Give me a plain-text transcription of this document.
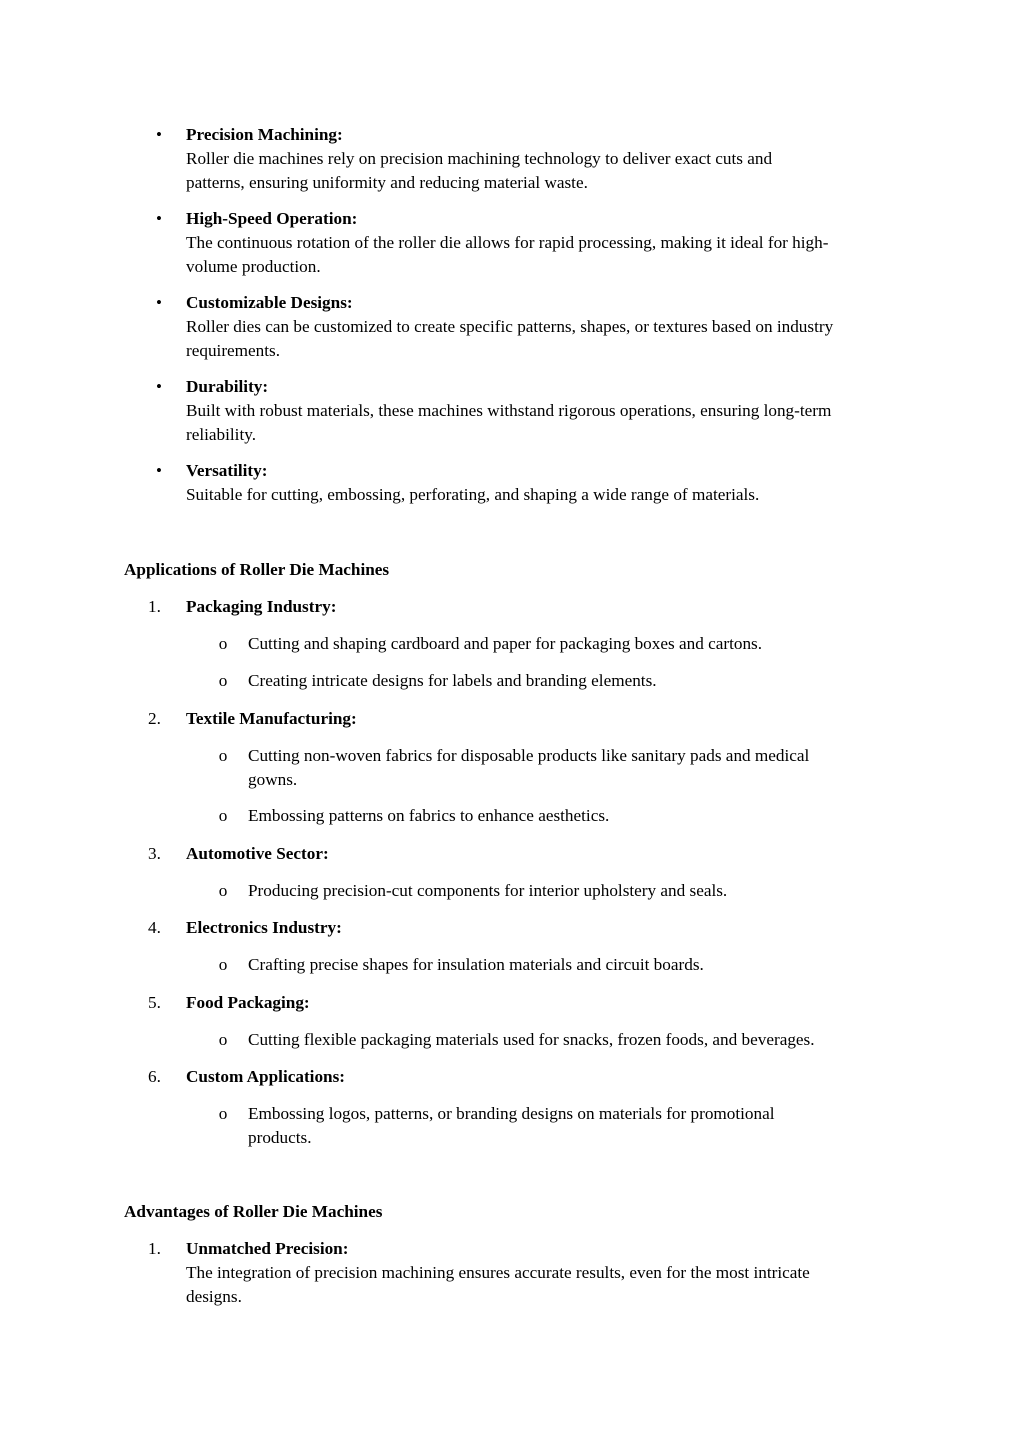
• Precision Machining:
Roller die machines rely on precision machining technology to deliver exact cuts and
patterns, ensuring uniformity and reducing material waste.
• High-Speed Operation:
The continuous rotation of the roller die allows for rapid processing, making it ideal for high-
volume production.
• Customizable Designs:
Roller dies can be customized to create specific patterns, shapes, or textures based on industry
requirements.
• Durability:
Built with robust materials, these machines withstand rigorous operations, ensuring long-term
reliability.
• Versatility:
Suitable for cutting, embossing, perforating, and shaping a wide range of materials.
Applications of Roller Die Machines
1.	Packaging Industry:
o Cutting and shaping cardboard and paper for packaging boxes and cartons.
o Creating intricate designs for labels and branding elements.
2.	Textile Manufacturing:
o Cutting non-woven fabrics for disposable products like sanitary pads and medical
gowns.
o Embossing patterns on fabrics to enhance aesthetics.
3.	Automotive Sector:
o Producing precision-cut components for interior upholstery and seals.
4.	Electronics Industry:
o Crafting precise shapes for insulation materials and circuit boards.
5.	Food Packaging:
o Cutting flexible packaging materials used for snacks, frozen foods, and beverages.
6.	Custom Applications:
o Embossing logos, patterns, or branding designs on materials for promotional
products.
Advantages of Roller Die Machines
1.	Unmatched Precision:
The integration of precision machining ensures accurate results, even for the most intricate
designs.
